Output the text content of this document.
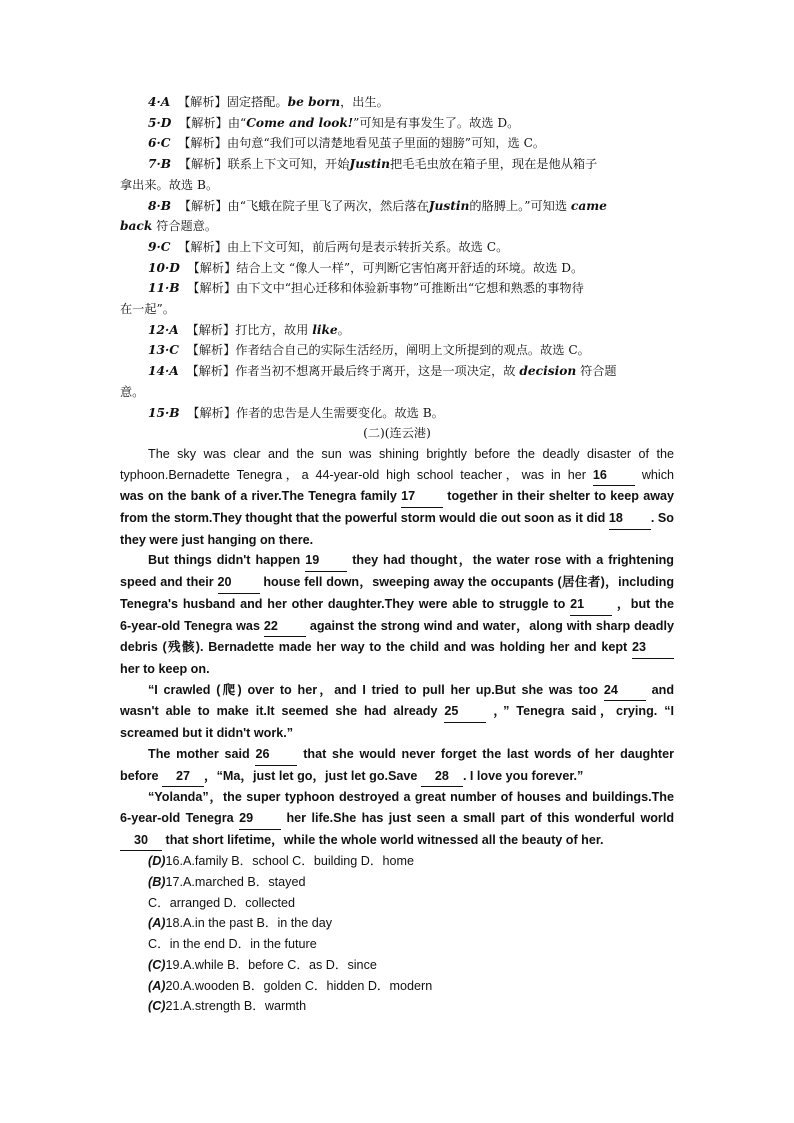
4·A 【解析】固定搭配。be born，出生。
5·D 【解析】由“Come and look!”可知是有事发生了。故选 D。
6·C 【解析】由句意“我们可以清楚地看见茧子里面的翅膀”可知，选 C。
7·B 【解析】联系上下文可知，开始Justin把毛毛虫放在箱子里，现在是他从箱子
拿出来。故选 B。
8·B 【解析】由“飞蛾在院子里飞了两次，然后落在Justin的胳膊上。”可知选 came
back 符合题意。
9·C 【解析】由上下文可知，前后两句是表示转折关系。故选 C。
10·D 【解析】结合上文 “像人一样”，可判断它害怕离开舒适的环境。故选 D。
11·B 【解析】由下文中“担心迁移和体验新事物”可推断出“它想和熟悉的事物待
在一起”。
12·A 【解析】打比方，故用 like。
13·C 【解析】作者结合自己的实际生活经历，阐明上文所提到的观点。故选 C。
14·A 【解析】作者当初不想离开最后终于离开，这是一项决定，故 decision 符合题
意。
15·B 【解析】作者的忠告是人生需要变化。故选 B。
(二)(连云港)
The sky was clear and the sun was shining brightly before the deadly disaster of the
typhoon.Bernadette Tenegra，a 44-year-old high school teacher，was in her 16	which
was on the bank of a river.The Tenegra family 17	together in their shelter to keep away
from the storm.They thought that the powerful storm would die out soon as it did 18 . So
they were just hanging on there.
But things didn't happen 19	they had thought，the water rose with a frightening
speed and their 20	house fell down，sweeping away the occupants (居住者)，including
Tenegra's husband and her other daughter.They were able to struggle to 21	，but the
6-year-old Tenegra was 22	against the strong wind and water，along with sharp deadly
debris (残骸). Bernadette made her way to the child and was holding her and kept 23
her to keep on.
“I crawled (爬) over to her，and I tried to pull her up.But she was too 24	and
wasn't able to make it.It seemed she had already 25	，” Tenegra said，crying. “I
screamed but it didn't work.”
The mother said 26	that she would never forget the last words of her daughter
before 27 ，“Ma，just let go，just let go.Save 28 . I love you forever.”
“Yolanda”，the super typhoon destroyed a great number of houses and buildings.The
6-year-old Tenegra 29	her life.She has just seen a small part of this wonderful world
30 that short lifetime，while the whole world witnessed all the beauty of her.
(D)16.A.family B．school C．building D．home
(B)17.A.marched B．stayed
C．arranged D．collected
(A)18.A.in the past B．in the day
C．in the end D．in the future
(C)19.A.while B．before C．as D．since
(A)20.A.wooden B．golden C．hidden D．modern
(C)21.A.strength B．warmth
